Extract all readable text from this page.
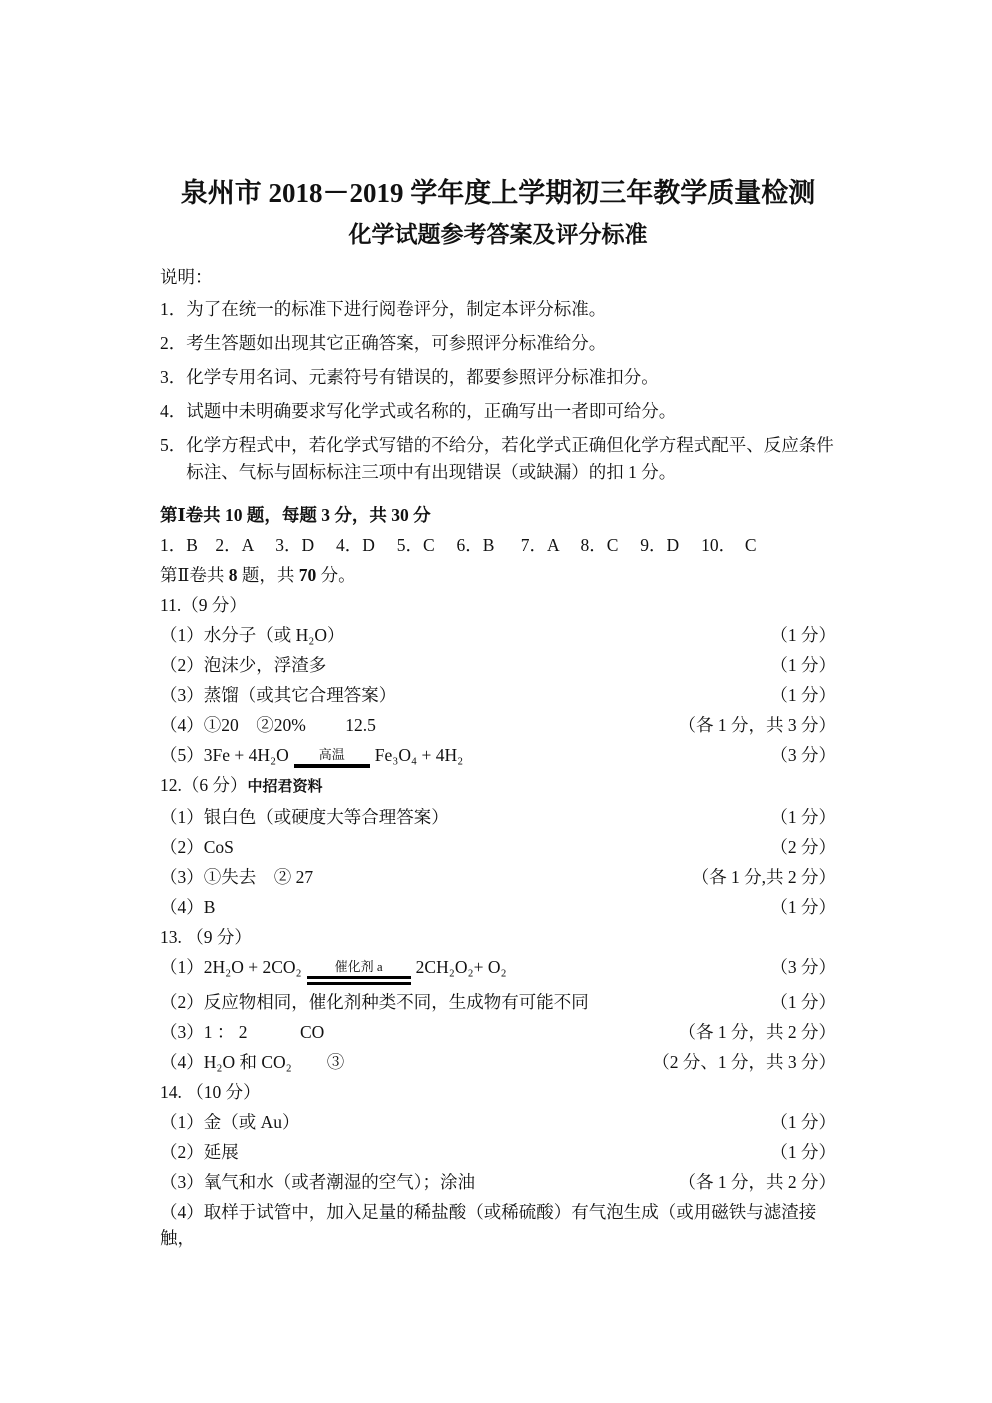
泉州市 2018－2019 学年度上学期初三年教学质量检测
化学试题参考答案及评分标准
说明：
1． 为了在统一的标准下进行阅卷评分，制定本评分标准。
2． 考生答题如出现其它正确答案，可参照评分标准给分。
3． 化学专用名词、元素符号有错误的，都要参照评分标准扣分。
4． 试题中未明确要求写化学式或名称的，正确写出一者即可给分。
5． 化学方程式中，若化学式写错的不给分，若化学式正确但化学方程式配平、反应条件标注、气标与固标标注三项中有出现错误（或缺漏）的扣 1 分。
第Ⅰ卷共 10 题，每题 3 分，共 30 分
1．B　2．A　 3．D　 4．D　 5．C　 6．B　  7．A　 8．C　 9．D　 10．  C
第Ⅱ卷共 8 题，共 70 分。
11.（9 分）
（1）水分子（或 H₂O）	（1 分）
（2）泡沫少，浮渣多	（1 分）
（3）蒸馏（或其它合理答案）	（1 分）
（4）①20　②20%　　 12.5	（各 1 分，共 3 分）
（5）3Fe + 4H₂O	高温	Fe₃O₄ + 4H₂	（3 分）
12.（6 分）中招君资料
（1）银白色（或硬度大等合理答案）	（1 分）
（2）CoS	（2 分）
（3）①失去　② 27	（各 1 分,共 2 分）
（4）B	（1 分）
13. （9 分）
（1）2H₂O + 2CO₂	催化剂 a	2CH₂O₂+ O₂	（3 分）
（2）反应物相同，催化剂种类不同，生成物有可能不同	（1 分）
（3）1 ： 2　　　CO	（各 1 分，共 2 分）
（4）H₂O 和 CO₂　　③	（2 分、1 分，共 3 分）
14. （10 分）
（1）金（或 Au）	（1 分）
（2）延展	（1 分）
（3）氧气和水（或者潮湿的空气）；涂油	（各 1 分，共 2 分）
（4）取样于试管中，加入足量的稀盐酸（或稀硫酸）有气泡生成（或用磁铁与滤渣接触，
